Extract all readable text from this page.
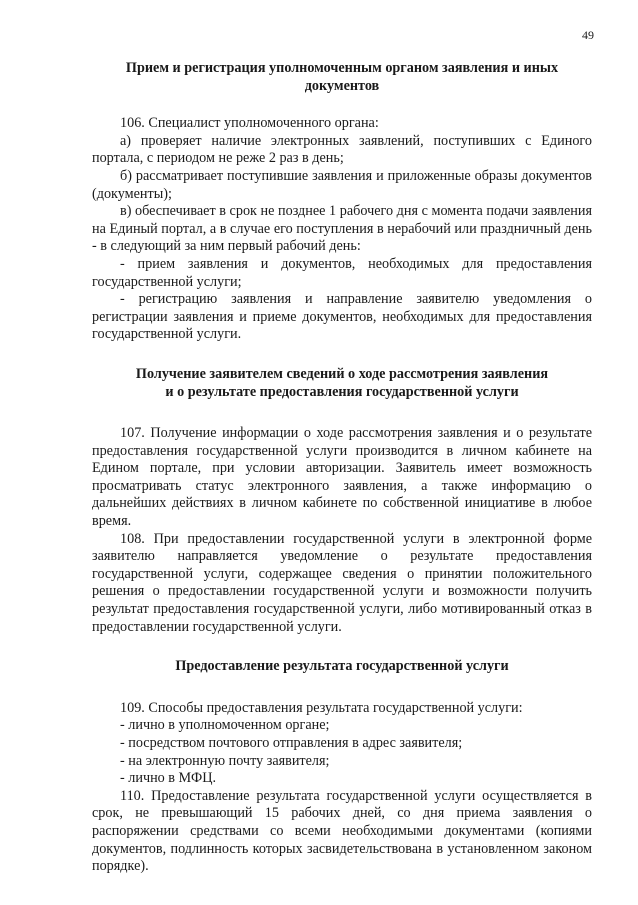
49
Прием и регистрация уполномоченным органом заявления и иных
документов

106. Специалист уполномоченного органа:

а) проверяет наличие электронных заявлений, поступивших с Единого портала, с периодом не реже 2 раз в день;

б) рассматривает поступившие заявления и приложенные образы документов (документы);

в) обеспечивает в срок не позднее 1 рабочего дня с момента подачи заявления на Единый портал, а в случае его поступления в нерабочий или праздничный день - в следующий за ним первый рабочий день:

- прием заявления и документов, необходимых для предоставления государственной услуги;

- регистрацию заявления и направление заявителю уведомления о регистрации заявления и приеме документов, необходимых для предоставления государственной услуги.

Получение заявителем сведений о ходе рассмотрения заявления
и о результате предоставления государственной услуги

107. Получение информации о ходе рассмотрения заявления и о результате предоставления государственной услуги производится в личном кабинете на Едином портале, при условии авторизации. Заявитель имеет возможность просматривать статус электронного заявления, а также информацию о дальнейших действиях в личном кабинете по собственной инициативе в любое время.

108. При предоставлении государственной услуги в электронной форме заявителю направляется уведомление о результате предоставления государственной услуги, содержащее сведения о принятии положительного решения о предоставлении государственной услуги и возможности получить результат предоставления государственной услуги, либо мотивированный отказ в предоставлении государственной услуги.

Предоставление результата государственной услуги

109. Способы предоставления результата государственной услуги:

- лично в уполномоченном органе;

- посредством почтового отправления в адрес заявителя;

- на электронную почту заявителя;

- лично в МФЦ.

110. Предоставление результата государственной услуги осуществляется в срок, не превышающий 15 рабочих дней, со дня приема заявления о распоряжении средствами со всеми необходимыми документами (копиями документов, подлинность которых засвидетельствована в установленном законом порядке).
